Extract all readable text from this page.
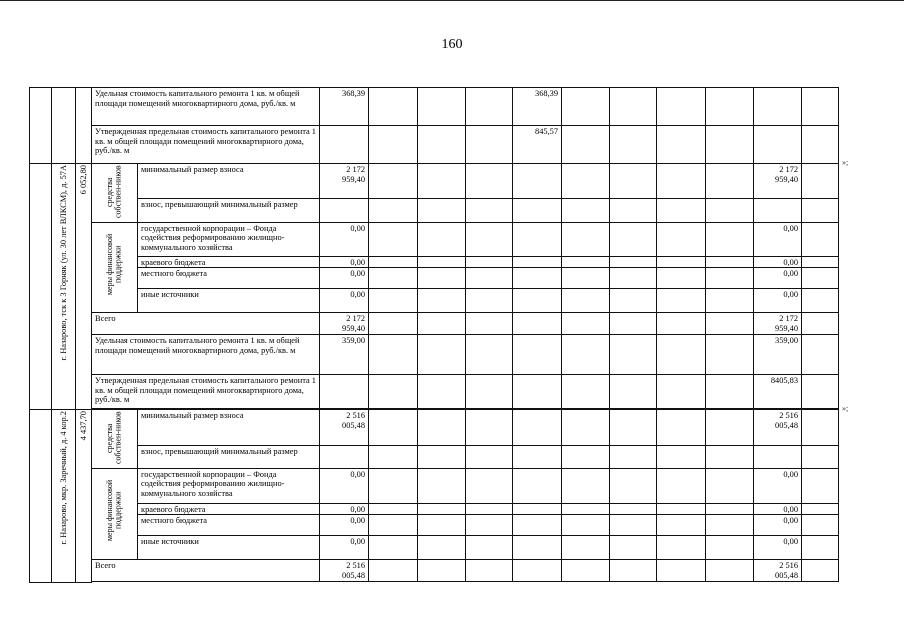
160
»;
»;
			Удельная стоимость капитального ремонта 1 кв. м общей площади помещений многоквартирного дома, руб./кв. м		368,39				368,39						
			Утвержденная предельная стоимость капитального ремонта 1 кв. м общей площади помещений многоквартирного дома, руб./кв. м						845,57						
	г. Назарово, тск к 3 Горняк (ул. 30 лет ВЛКСМ), д. 57А	6 052,80	средства собствен-ников	минимальный размер взноса	2 172 959,40									2 172 959,40	
				взнос, превышающий минимальный размер											
			меры финансовой поддержки	государственной корпорации – Фонда содействия реформированию жилищно-коммунального хозяйства	0,00									0,00	
				краевого бюджета	0,00									0,00	
				местного бюджета	0,00									0,00	
				иные источники	0,00									0,00	
			Всего		2 172 959,40									2 172 959,40	
			Удельная стоимость капитального ремонта 1 кв. м общей площади помещений многоквартирного дома, руб./кв. м		359,00									359,00	
			Утвержденная предельная стоимость капитального ремонта 1 кв. м общей площади помещений многоквартирного дома, руб./кв. м											8405,83	

	г. Назарово, мкр. Заречный, д. 4 кор.2	4 437,70	средства собствен-ников	минимальный размер взноса	2 516 005,48									2 516 005,48	
				взнос, превышающий минимальный размер											
			меры финансовой поддержки	государственной корпорации – Фонда содействия реформированию жилищно-коммунального хозяйства	0,00									0,00	
				краевого бюджета	0,00									0,00	
				местного бюджета	0,00									0,00	
				иные источники	0,00									0,00	
			Всего		2 516 005,48									2 516 005,48	
